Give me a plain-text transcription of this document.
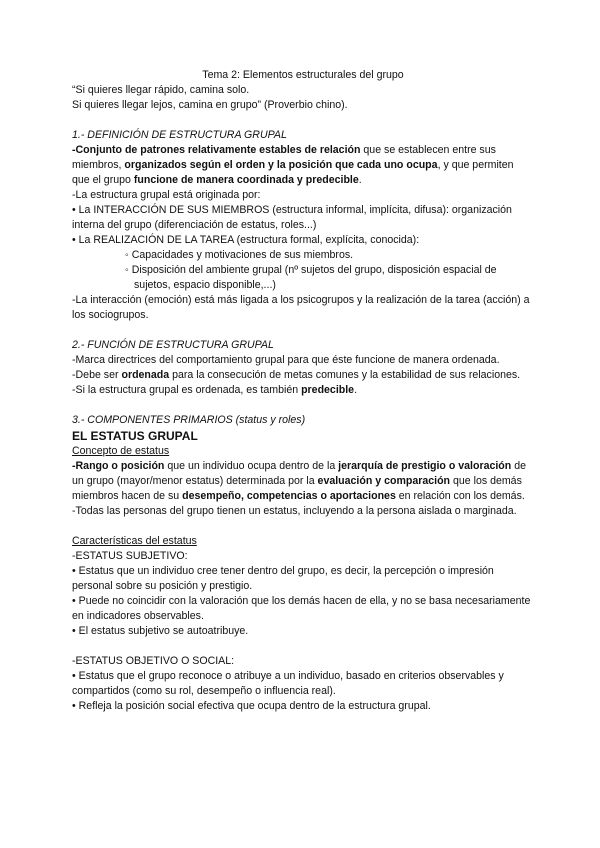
Tema 2: Elementos estructurales del grupo

“Si quieres llegar rápido, camina solo.

Si quieres llegar lejos, camina en grupo” (Proverbio chino).

1.- DEFINICIÓN DE ESTRUCTURA GRUPAL

-Conjunto de patrones relativamente estables de relación que se establecen entre sus miembros, organizados según el orden y la posición que cada uno ocupa, y que permiten que el grupo funcione de manera coordinada y predecible.

-La estructura grupal está originada por:

• La INTERACCIÓN DE SUS MIEMBROS (estructura informal, implícita, difusa): organización interna del grupo (diferenciación de estatus, roles...)

• La REALIZACIÓN DE LA TAREA (estructura formal, explícita, conocida):

◦ Capacidades y motivaciones de sus miembros.

◦ Disposición del ambiente grupal (nº sujetos del grupo, disposición espacial de sujetos, espacio disponible,...)

-La interacción (emoción) está más ligada a los psicogrupos y la realización de la tarea (acción) a los sociogrupos.

2.- FUNCIÓN DE ESTRUCTURA GRUPAL

-Marca directrices del comportamiento grupal para que éste funcione de manera ordenada.

-Debe ser ordenada para la consecución de metas comunes y la estabilidad de sus relaciones.

-Si la estructura grupal es ordenada, es también predecible.

3.- COMPONENTES PRIMARIOS (status y roles)

EL ESTATUS GRUPAL

Concepto de estatus

-Rango o posición que un individuo ocupa dentro de la jerarquía de prestigio o valoración de un grupo (mayor/menor estatus) determinada por la evaluación y comparación que los demás miembros hacen de su desempeño, competencias o aportaciones en relación con los demás.

-Todas las personas del grupo tienen un estatus, incluyendo a la persona aislada o marginada.

Características del estatus

-ESTATUS SUBJETIVO:

• Estatus que un individuo cree tener dentro del grupo, es decir, la percepción o impresión personal sobre su posición y prestigio.

• Puede no coincidir con la valoración que los demás hacen de ella, y no se basa necesariamente en indicadores observables.

• El estatus subjetivo se autoatribuye.

-ESTATUS OBJETIVO O SOCIAL:

• Estatus que el grupo reconoce o atribuye a un individuo, basado en criterios observables y compartidos (como su rol, desempeño o influencia real).

• Refleja la posición social efectiva que ocupa dentro de la estructura grupal.
